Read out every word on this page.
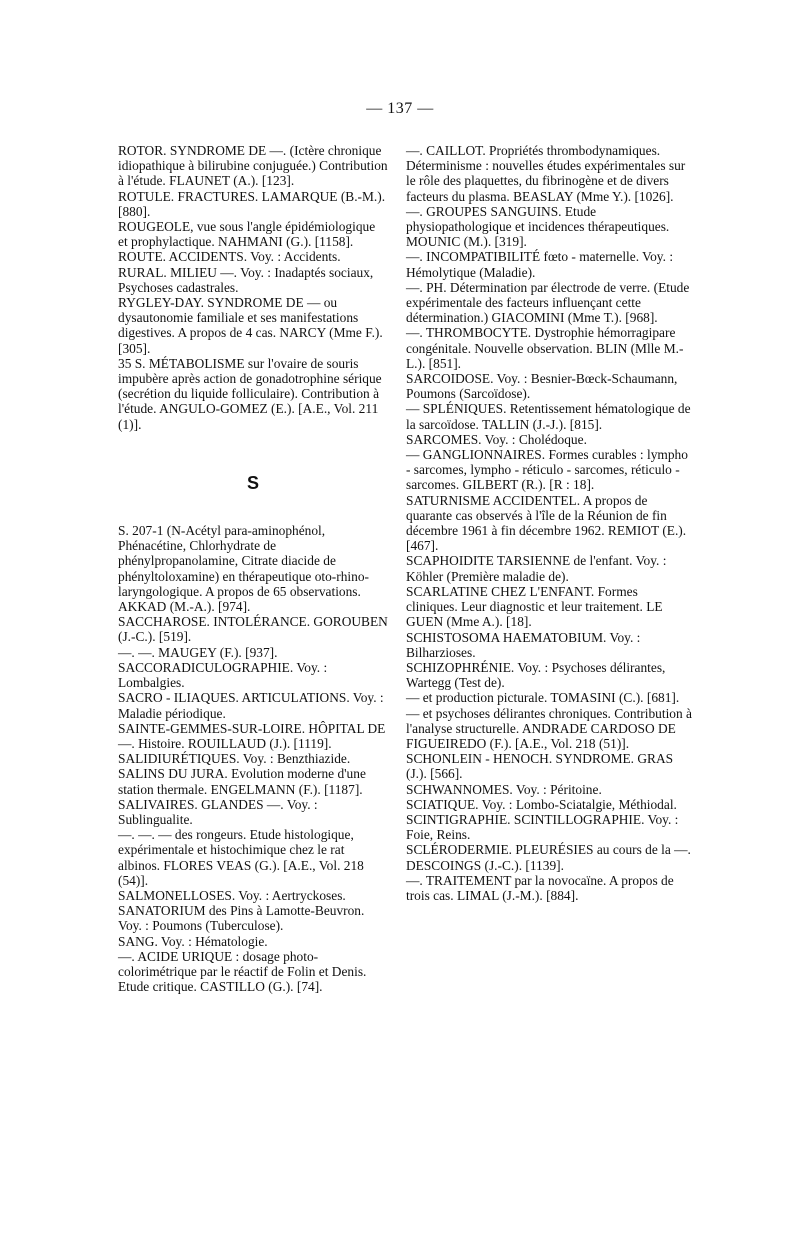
— 137 —

ROTOR. SYNDROME DE —. (Ictère chronique idiopathique à bilirubine conjuguée.) Contribution à l'étude. FLAUNET (A.). [123].

ROTULE. FRACTURES. LAMARQUE (B.-M.). [880].

ROUGEOLE, vue sous l'angle épidémiologique et prophylactique. NAHMANI (G.). [1158].

ROUTE. ACCIDENTS. Voy. : Accidents.

RURAL. MILIEU —. Voy. : Inadaptés sociaux, Psychoses cadastrales.

RYGLEY-DAY. SYNDROME DE — ou dysautonomie familiale et ses manifestations digestives. A propos de 4 cas. NARCY (Mme F.). [305].

35 S. MÉTABOLISME sur l'ovaire de souris impubère après action de gonadotrophine sérique (secrétion du liquide folliculaire). Contribution à l'étude. ANGULO-GOMEZ (E.). [A.E., Vol. 211 (1)].

S

S. 207-1 (N-Acétyl para-aminophénol, Phénacétine, Chlorhydrate de phénylpropanolamine, Citrate diacide de phényltoloxamine) en thérapeutique oto-rhino-laryngologique. A propos de 65 observations. AKKAD (M.-A.). [974].

SACCHAROSE. INTOLÉRANCE. GOROUBEN (J.-C.). [519].

—. —. MAUGEY (F.). [937].

SACCORADICULOGRAPHIE. Voy. : Lombalgies.

SACRO - ILIAQUES. ARTICULATIONS. Voy. : Maladie périodique.

SAINTE-GEMMES-SUR-LOIRE. HÔPITAL DE —. Histoire. ROUILLAUD (J.). [1119].

SALIDIURÉTIQUES. Voy. : Benzthiazide.

SALINS DU JURA. Evolution moderne d'une station thermale. ENGELMANN (F.). [1187].

SALIVAIRES. GLANDES —. Voy. : Sublingualite.

—. —. — des rongeurs. Etude histologique, expérimentale et histochimique chez le rat albinos. FLORES VEAS (G.). [A.E., Vol. 218 (54)].

SALMONELLOSES. Voy. : Aertryckoses.

SANATORIUM des Pins à Lamotte-Beuvron. Voy. : Poumons (Tuberculose).

SANG. Voy. : Hématologie.

—. ACIDE URIQUE : dosage photo-colorimétrique par le réactif de Folin et Denis. Etude critique. CASTILLO (G.). [74].

—. CAILLOT. Propriétés thrombodynamiques. Déterminisme : nouvelles études expérimentales sur le rôle des plaquettes, du fibrinogène et de divers facteurs du plasma. BEASLAY (Mme Y.). [1026].

—. GROUPES SANGUINS. Etude physiopathologique et incidences thérapeutiques. MOUNIC (M.). [319].

—. INCOMPATIBILITÉ fœto - maternelle. Voy. : Hémolytique (Maladie).

—. PH. Détermination par électrode de verre. (Etude expérimentale des facteurs influençant cette détermination.) GIACOMINI (Mme T.). [968].

—. THROMBOCYTE. Dystrophie hémorragipare congénitale. Nouvelle observation. BLIN (Mlle M.-L.). [851].

SARCOIDOSE. Voy. : Besnier-Bœck-Schaumann, Poumons (Sarcoïdose).

— SPLÉNIQUES. Retentissement hématologique de la sarcoïdose. TALLIN (J.-J.). [815].

SARCOMES. Voy. : Cholédoque.

— GANGLIONNAIRES. Formes curables : lympho - sarcomes, lympho - réticulo - sarcomes, réticulo - sarcomes. GILBERT (R.). [R : 18].

SATURNISME ACCIDENTEL. A propos de quarante cas observés à l'île de la Réunion de fin décembre 1961 à fin décembre 1962. REMIOT (E.). [467].

SCAPHOIDITE TARSIENNE de l'enfant. Voy. : Köhler (Première maladie de).

SCARLATINE CHEZ L'ENFANT. Formes cliniques. Leur diagnostic et leur traitement. LE GUEN (Mme A.). [18].

SCHISTOSOMA HAEMATOBIUM. Voy. : Bilharzioses.

SCHIZOPHRÉNIE. Voy. : Psychoses délirantes, Wartegg (Test de).

— et production picturale. TOMASINI (C.). [681].

— et psychoses délirantes chroniques. Contribution à l'analyse structurelle. ANDRADE CARDOSO DE FIGUEIREDO (F.). [A.E., Vol. 218 (51)].

SCHONLEIN - HENOCH. SYNDROME. GRAS (J.). [566].

SCHWANNOMES. Voy. : Péritoine.

SCIATIQUE. Voy. : Lombo-Sciatalgie, Méthiodal.

SCINTIGRAPHIE. SCINTILLOGRAPHIE. Voy. : Foie, Reins.

SCLÉRODERMIE. PLEURÉSIES au cours de la —. DESCOINGS (J.-C.). [1139].

—. TRAITEMENT par la novocaïne. A propos de trois cas. LIMAL (J.-M.). [884].
